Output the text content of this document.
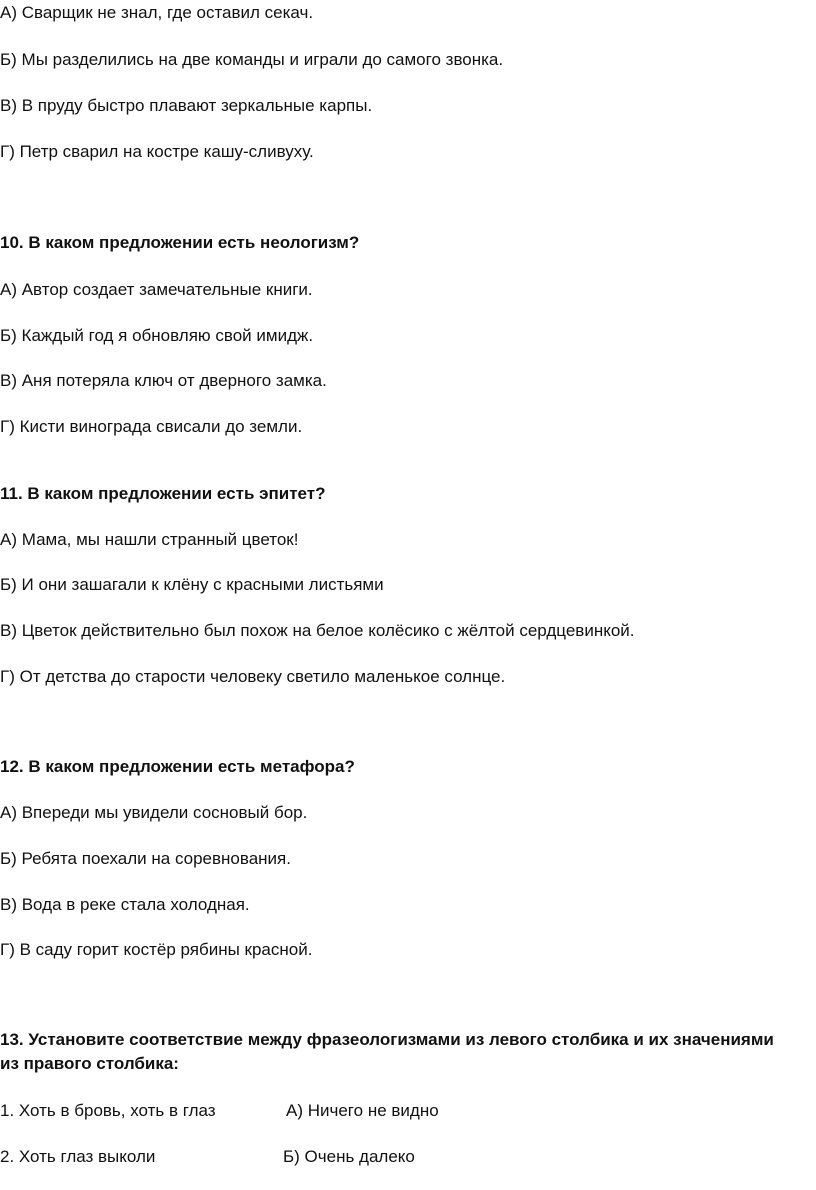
А) Сварщик не знал, где оставил секач.
Б) Мы разделились на две команды и играли до самого звонка.
В) В пруду быстро плавают зеркальные карпы.
Г) Петр сварил на костре кашу-сливуху.
10. В каком предложении есть неологизм?
А) Автор создает замечательные книги.
Б) Каждый год я обновляю свой имидж.
В) Аня потеряла ключ от дверного замка.
Г) Кисти винограда свисали до земли.
11. В каком предложении есть эпитет?
А) Мама, мы нашли странный цветок!
Б) И они зашагали к клёну с красными листьями
В) Цветок действительно был похож на белое колёсико с жёлтой сердцевинкой.
Г) От детства до старости человеку светило маленькое солнце.
12. В каком предложении есть метафора?
А) Впереди мы увидели сосновый бор.
Б) Ребята поехали на соревнования.
В) Вода в реке стала холодная.
Г) В саду горит костёр рябины красной.
13. Установите соответствие между фразеологизмами из левого столбика и их значениями из правого столбика:
1. Хоть в бровь, хоть в глаз	А) Ничего не видно
2. Хоть глаз выколи	Б) Очень далеко
